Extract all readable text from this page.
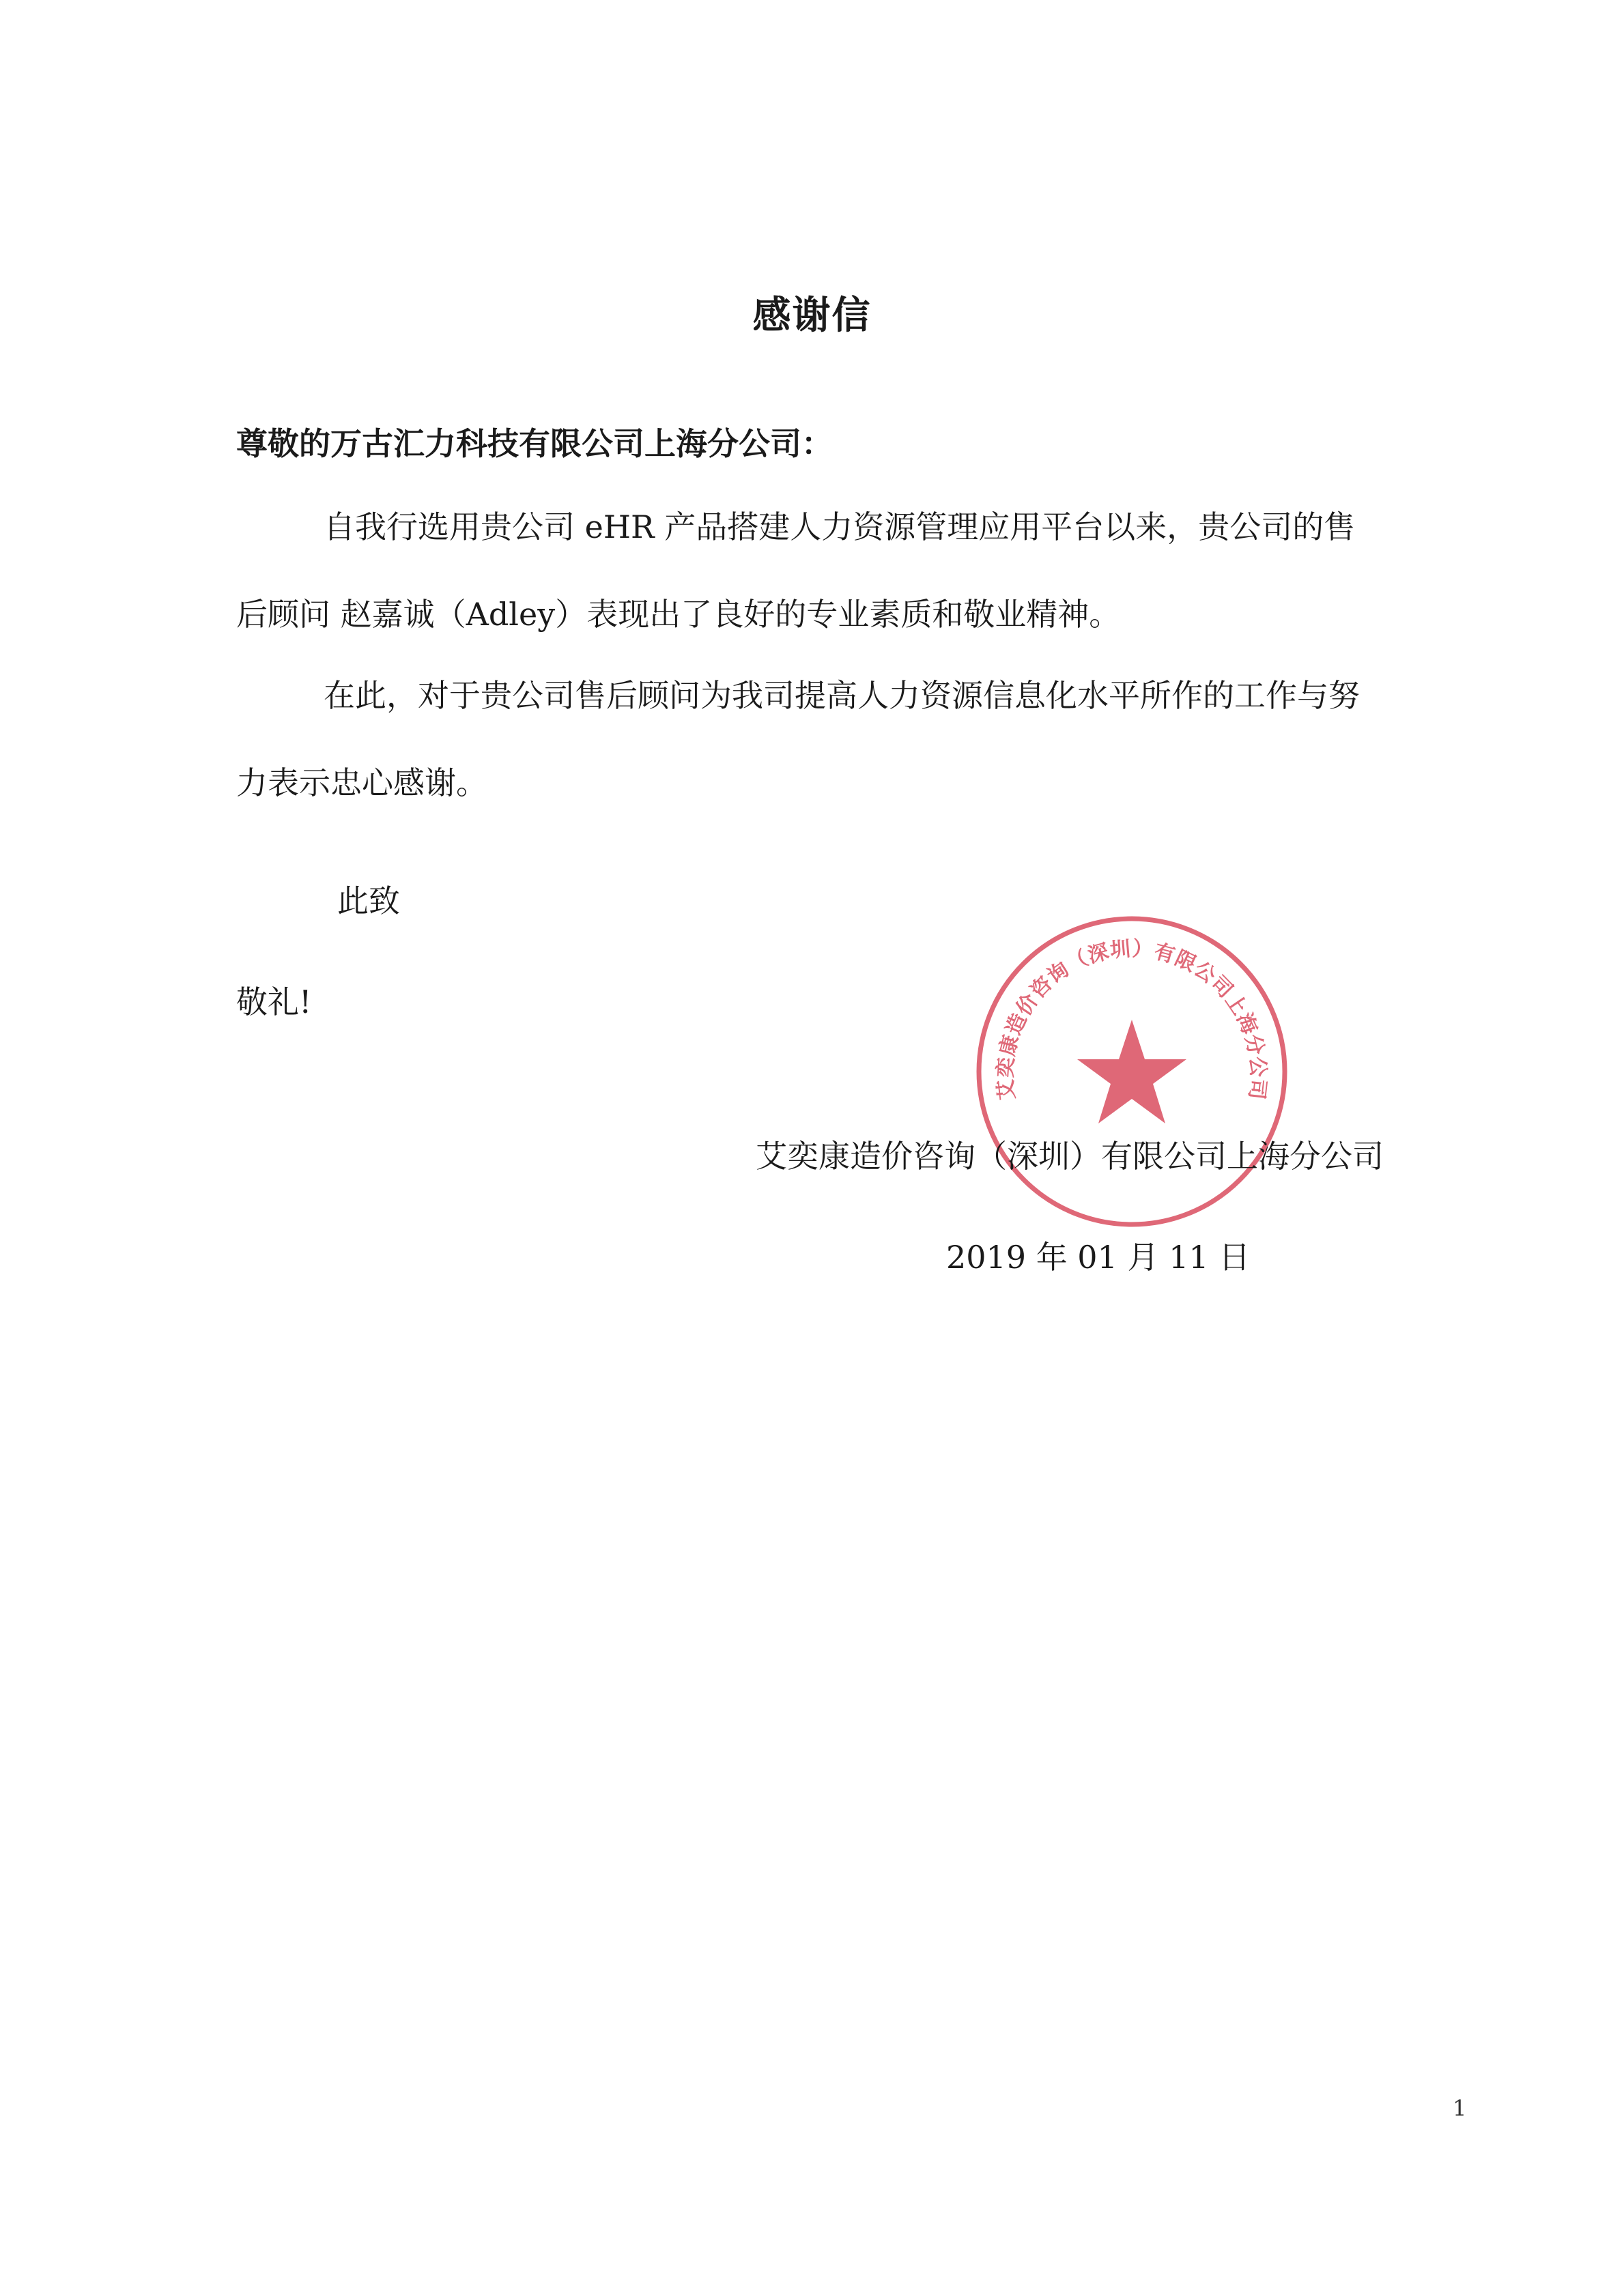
感谢信
尊敬的万古汇力科技有限公司上海分公司：

自我行选用贵公司 eHR 产品搭建人力资源管理应用平台以来，贵公司的售后顾问 赵嘉诚（Adley）表现出了良好的专业素质和敬业精神。

在此，对于贵公司售后顾问为我司提高人力资源信息化水平所作的工作与努力表示忠心感谢。

此致
敬礼!
艾奕康造价咨询（深圳）有限公司上海分公司
艾奕康造价咨询（深圳）有限公司上海分公司
2019 年 01 月 11 日
1
